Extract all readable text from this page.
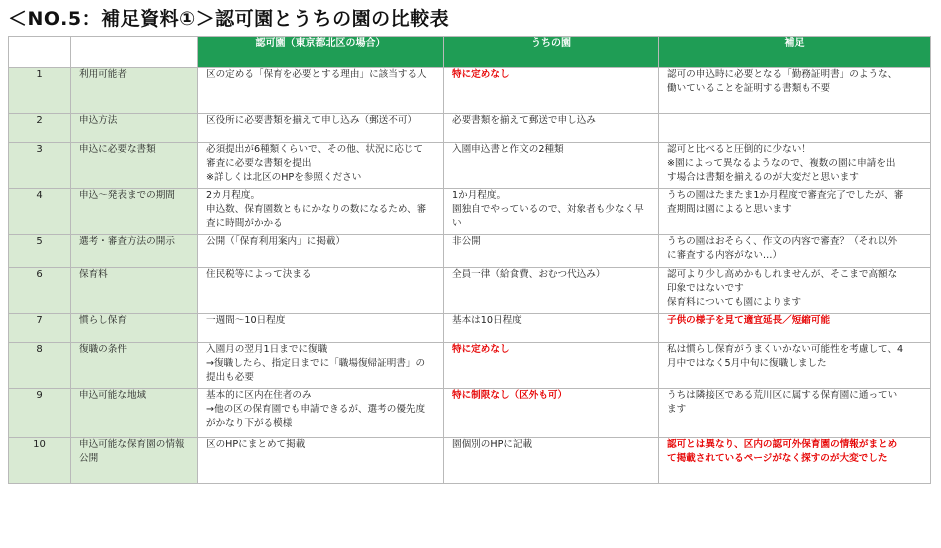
＜NO.5：補足資料①＞認可園とうちの園の比較表
		認可園（東京都北区の場合）	うちの園	補足
1	利用可能者	区の定める「保育を必要とする理由」に該当する人	特に定めなし	認可の申込時に必要となる「勤務証明書」のような、
働いていることを証明する書類も不要

2	申込方法	区役所に必要書類を揃えて申し込み（郵送不可）	必要書類を揃えて郵送で申し込み	

3	申込に必要な書類	必須提出が6種類くらいで、その他、状況に応じて
審査に必要な書類を提出
※詳しくは北区のHPを参照ください	入園申込書と作文の2種類	認可と比べると圧倒的に少ない！
※園によって異なるようなので、複数の園に申請を出
す場合は書類を揃えるのが大変だと思います

4	申込～発表までの期間	2カ月程度。
申込数、保育園数ともにかなりの数になるため、審
査に時間がかかる	1か月程度。
園独自でやっているので、対象者も少なく早
い	うちの園はたまたま1か月程度で審査完了でしたが、審
査期間は園によると思います

5	選考・審査方法の開示	公開（「保育利用案内」に掲載）	非公開	うちの園はおそらく、作文の内容で審査？（それ以外
に審査する内容がない…）

6	保育料	住民税等によって決まる	全員一律（給食費、おむつ代込み）	認可より少し高めかもしれませんが、そこまで高額な
印象ではないです
保育料についても園によります

7	慣らし保育	一週間～10日程度	基本は10日程度	子供の様子を見て適宜延長／短縮可能

8	復職の条件	入園月の翌月1日までに復職
→復職したら、指定日までに「職場復帰証明書」の
提出も必要	特に定めなし	私は慣らし保育がうまくいかない可能性を考慮して、4
月中ではなく5月中旬に復職しました

9	申込可能な地域	基本的に区内在住者のみ
→他の区の保育園でも申請できるが、選考の優先度
がかなり下がる模様	特に制限なし（区外も可）	うちは隣接区である荒川区に属する保育園に通ってい
ます

10	申込可能な保育園の情報
公開	区のHPにまとめて掲載	園個別のHPに記載	認可とは異なり、区内の認可外保育園の情報がまとめ
て掲載されているページがなく探すのが大変でした
